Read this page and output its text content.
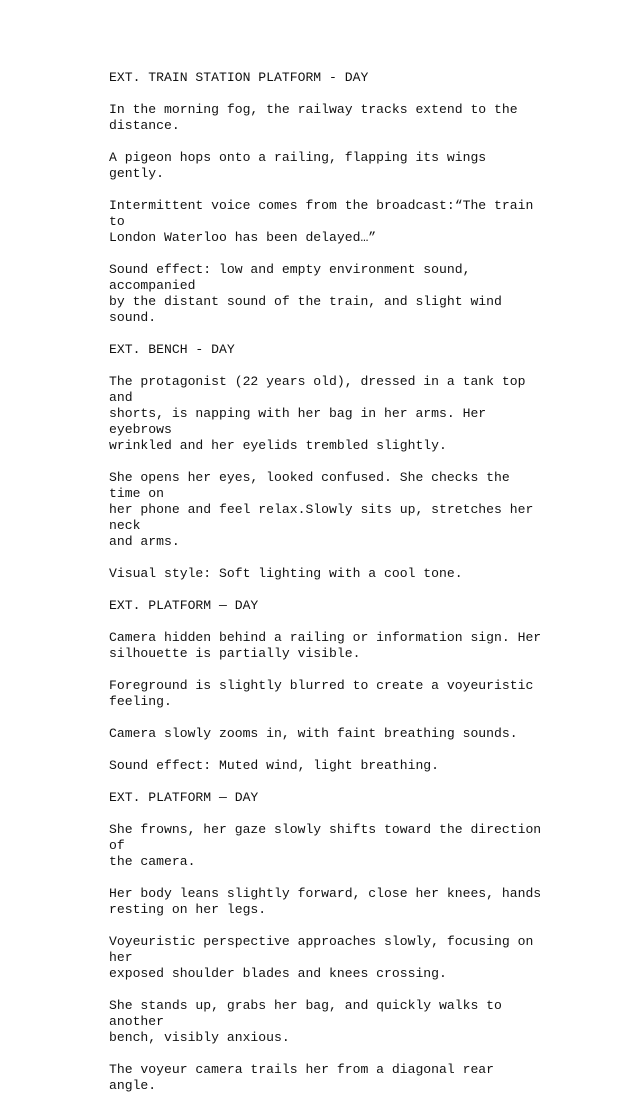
EXT. TRAIN STATION PLATFORM - DAY

In the morning fog, the railway tracks extend to the
distance.

A pigeon hops onto a railing, flapping its wings gently.

Intermittent voice comes from the broadcast:“The train to
London Waterloo has been delayed…”

Sound effect: low and empty environment sound, accompanied
by the distant sound of the train, and slight wind sound.

EXT. BENCH - DAY

The protagonist (22 years old), dressed in a tank top and
shorts, is napping with her bag in her arms. Her eyebrows
wrinkled and her eyelids trembled slightly.

She opens her eyes, looked confused. She checks the time on
her phone and feel relax.Slowly sits up, stretches her neck
and arms.

Visual style: Soft lighting with a cool tone.

EXT. PLATFORM — DAY

Camera hidden behind a railing or information sign. Her
silhouette is partially visible.

Foreground is slightly blurred to create a voyeuristic
feeling.

Camera slowly zooms in, with faint breathing sounds.

Sound effect: Muted wind, light breathing.

EXT. PLATFORM — DAY

She frowns, her gaze slowly shifts toward the direction of
the camera.

Her body leans slightly forward, close her knees, hands
resting on her legs.

Voyeuristic perspective approaches slowly, focusing on her
exposed shoulder blades and knees crossing.

She stands up, grabs her bag, and quickly walks to another
bench, visibly anxious.

The voyeur camera trails her from a diagonal rear angle.
